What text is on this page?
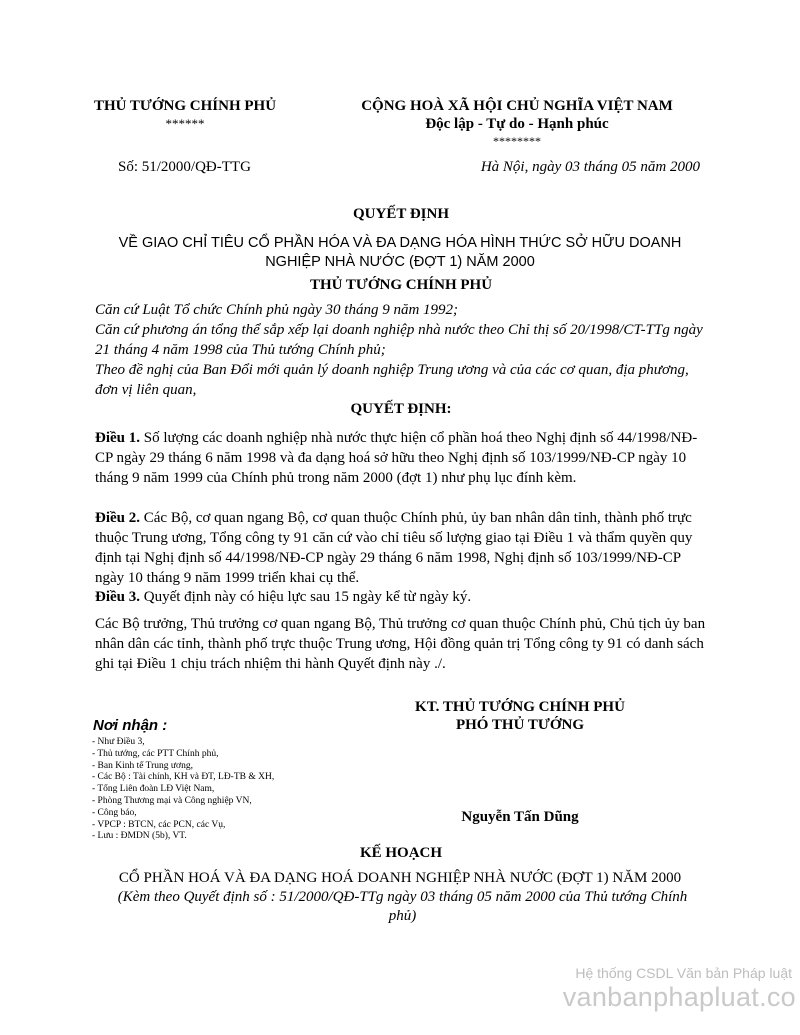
THỦ TƯỚNG CHÍNH PHỦ
******
CỘNG HOÀ XÃ HỘI CHỦ NGHĨA VIỆT NAM
Độc lập - Tự do - Hạnh phúc
********
Số: 51/2000/QĐ-TTG	Hà Nội, ngày 03 tháng 05 năm 2000
QUYẾT ĐỊNH
VỀ GIAO CHỈ TIÊU CỔ PHẦN HÓA VÀ ĐA DẠNG HÓA HÌNH THỨC SỞ HỮU DOANH
NGHIỆP NHÀ NƯỚC (ĐỢT 1) NĂM 2000
THỦ TƯỚNG CHÍNH PHỦ
Căn cứ Luật Tổ chức Chính phủ ngày 30 tháng 9 năm 1992;
Căn cứ phương án tổng thể sắp xếp lại doanh nghiệp nhà nước theo Chỉ thị số 20/1998/CT-TTg ngày 21 tháng 4 năm 1998 của Thủ tướng Chính phủ;
Theo đề nghị của Ban Đổi mới quản lý doanh nghiệp Trung ương và của các cơ quan, địa phương, đơn vị liên quan,
QUYẾT ĐỊNH:
Điều 1. Số lượng các doanh nghiệp nhà nước thực hiện cổ phần hoá theo Nghị định số 44/1998/NĐ-CP ngày 29 tháng 6 năm 1998 và đa dạng hoá sở hữu theo Nghị định số 103/1999/NĐ-CP ngày 10 tháng 9 năm 1999 của Chính phủ trong năm 2000 (đợt 1) như phụ lục đính kèm.
Điều 2. Các Bộ, cơ quan ngang Bộ, cơ quan thuộc Chính phủ, ủy ban nhân dân tỉnh, thành phố trực thuộc Trung ương, Tổng công ty 91 căn cứ vào chỉ tiêu số lượng giao tại Điều 1 và thẩm quyền quy định tại Nghị định số 44/1998/NĐ-CP ngày 29 tháng 6 năm 1998, Nghị định số 103/1999/NĐ-CP ngày 10 tháng 9 năm 1999 triển khai cụ thể.
Điều 3. Quyết định này có hiệu lực sau 15 ngày kể từ ngày ký.
Các Bộ trưởng, Thủ trưởng cơ quan ngang Bộ, Thủ trưởng cơ quan thuộc Chính phủ, Chủ tịch ủy ban nhân dân các tỉnh, thành phố trực thuộc Trung ương, Hội đồng quản trị Tổng công ty 91 có danh sách ghi tại Điều 1 chịu trách nhiệm thi hành Quyết định này ./.
KT. THỦ TƯỚNG CHÍNH PHỦ
PHÓ THỦ TƯỚNG
Nguyễn Tấn Dũng
Nơi nhận :
- Như Điều 3,
- Thủ tướng, các PTT Chính phủ,
- Ban Kinh tế Trung ương,
- Các Bộ : Tài chính, KH và ĐT, LĐ-TB & XH,
- Tổng Liên đoàn LĐ Việt Nam,
- Phòng Thương mại và Công nghiệp VN,
- Công báo,
- VPCP : BTCN, các PCN, các Vụ,
- Lưu : ĐMDN (5b), VT.
KẾ HOẠCH
CỔ PHẦN HOÁ VÀ ĐA DẠNG HOÁ DOANH NGHIỆP NHÀ NƯỚC (ĐỢT 1) NĂM 2000
(Kèm theo Quyết định số : 51/2000/QĐ-TTg ngày 03 tháng 05 năm 2000 của Thủ tướng Chính phủ)
Hệ thống CSDL Văn bản Pháp luật
vanbanphapluat.co
